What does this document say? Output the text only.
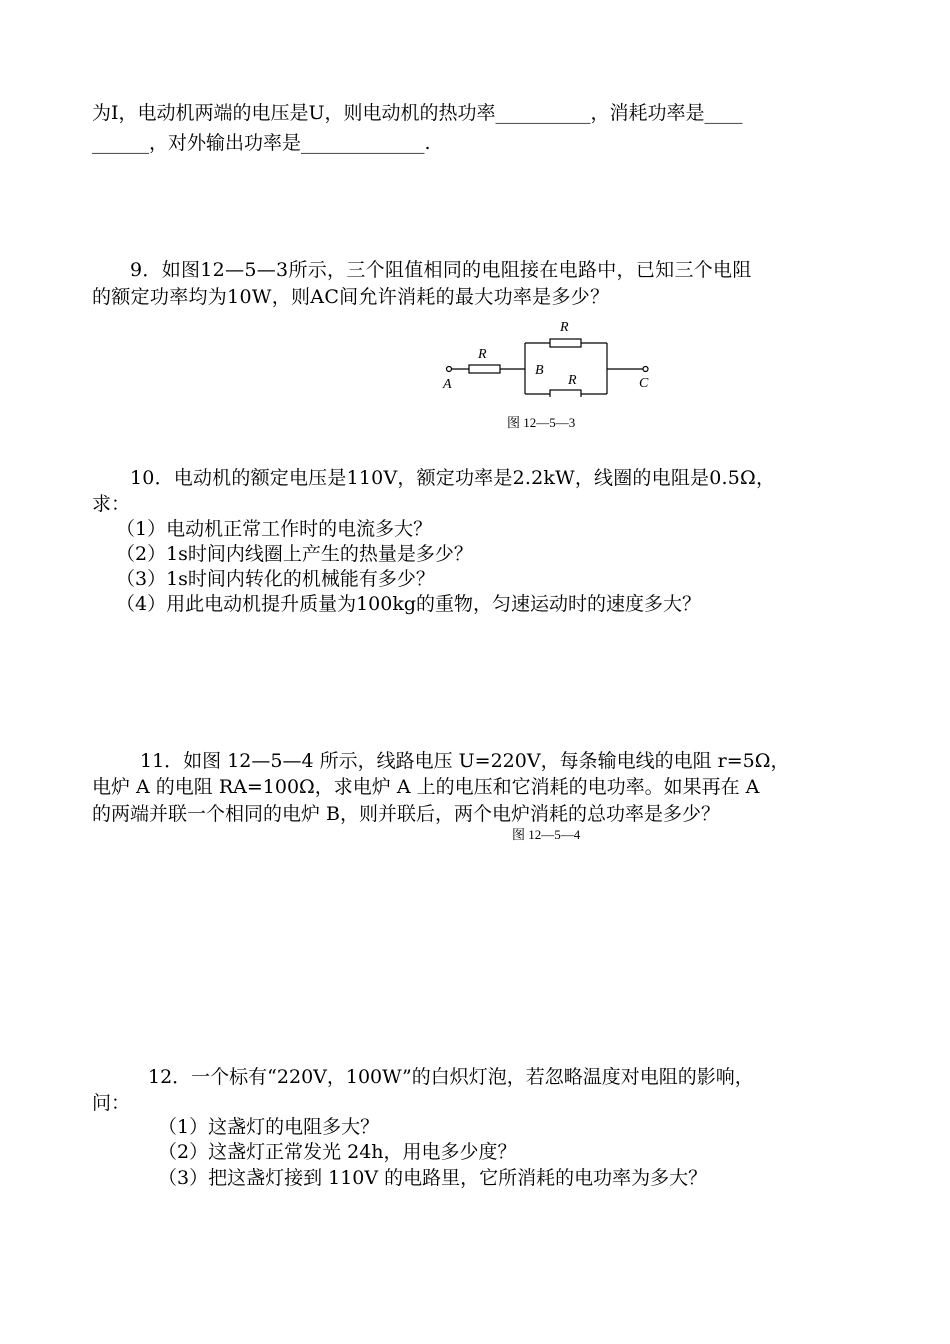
为I，电动机两端的电压是U，则电动机的热功率__________，消耗功率是____
______，对外输出功率是_____________.
9．如图12—5—3所示，三个阻值相同的电阻接在电路中，已知三个电阻
的额定功率均为10W，则AC间允许消耗的最大功率是多少？
R
R
R
A
B
C
图 12—5—3
10．电动机的额定电压是110V，额定功率是2.2kW，线圈的电阻是0.5Ω，
求：
（1）电动机正常工作时的电流多大？
（2）1s时间内线圈上产生的热量是多少？
（3）1s时间内转化的机械能有多少？
（4）用此电动机提升质量为100kg的重物，匀速运动时的速度多大？
11．如图 12—5—4 所示，线路电压 U=220V，每条输电线的电阻 r=5Ω，
电炉 A 的电阻 RA=100Ω，求电炉 A 上的电压和它消耗的电功率。如果再在 A
的两端并联一个相同的电炉 B，则并联后，两个电炉消耗的总功率是多少？
图 12—5—4
12．一个标有“220V，100W”的白炽灯泡，若忽略温度对电阻的影响，
问：
（1）这盏灯的电阻多大？
（2）这盏灯正常发光 24h，用电多少度？
（3）把这盏灯接到 110V 的电路里，它所消耗的电功率为多大？
